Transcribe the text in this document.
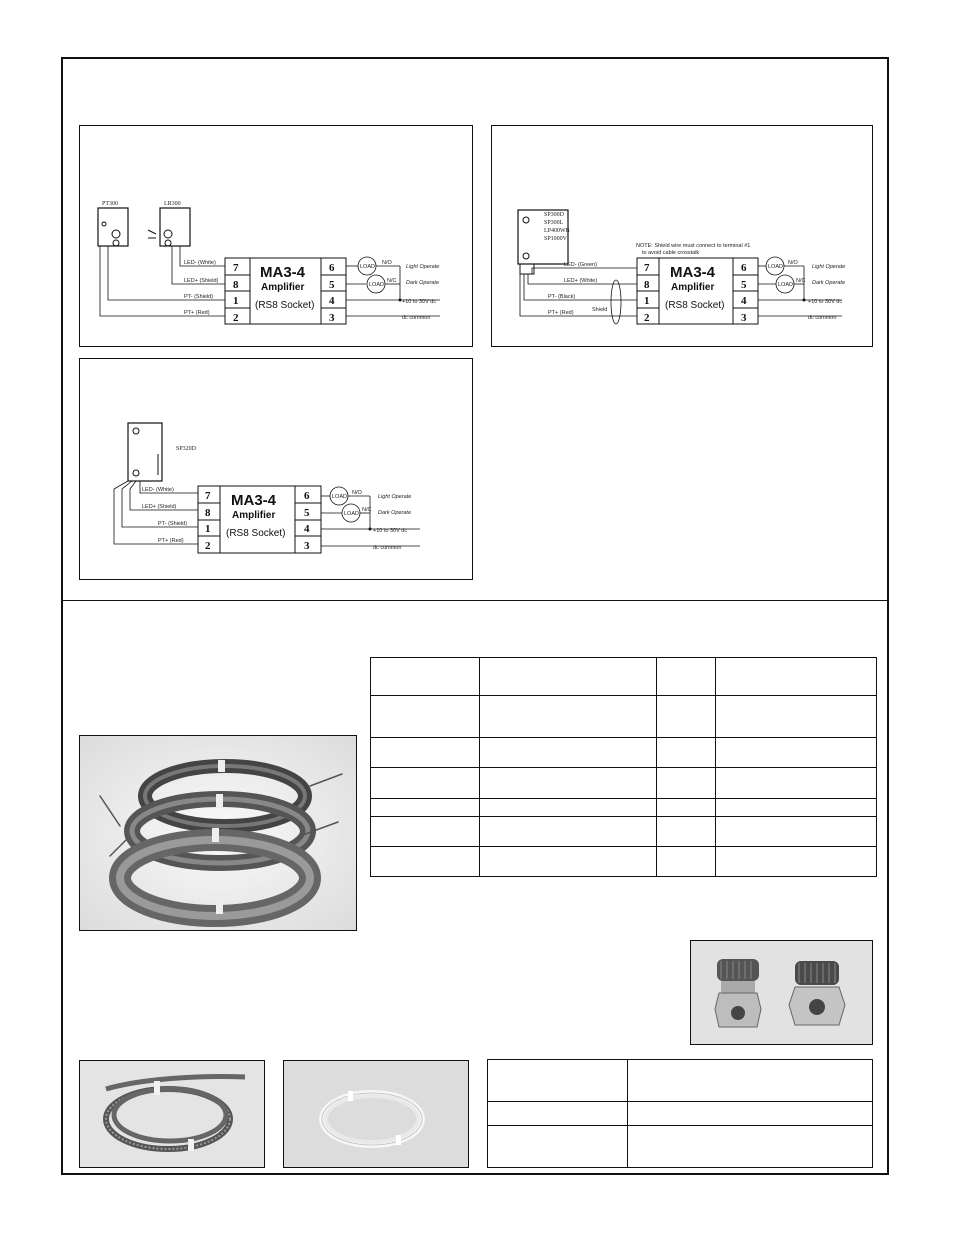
PT300	LR300
LED- (White)
LED+ (Shield)
PT- (Shield)
PT+ (Red)
7
8
1
2
6
5
4
3
MA3-4
Amplifier
(RS8 Socket)
LOAD
LOAD
N/O
N/C
Light Operate
Dark Operate
+10 to 30V dc
dc common
SP300D
SP300L
LP400WB
SP1000V
NOTE: Shield wire must connect to terminal #1
to avoid cable crosstalk
LED- (Green)
LED+ (White)
PT- (Black)
PT+ (Red)	Shield
7
8
1
2
6
5
4
3
MA3-4
Amplifier
(RS8 Socket)
LOAD
LOAD
N/O
N/C
Light Operate
Dark Operate
+10 to 30V dc
dc common
SP320D
LED- (White)
LED+ (Shield)
PT- (Shield)
PT+ (Red)
7
8
1
2
6
5
4
3
MA3-4
Amplifier
(RS8 Socket)
LOAD
LOAD
N/O
N/C
Light Operate
Dark Operate
+10 to 30V dc
dc common
